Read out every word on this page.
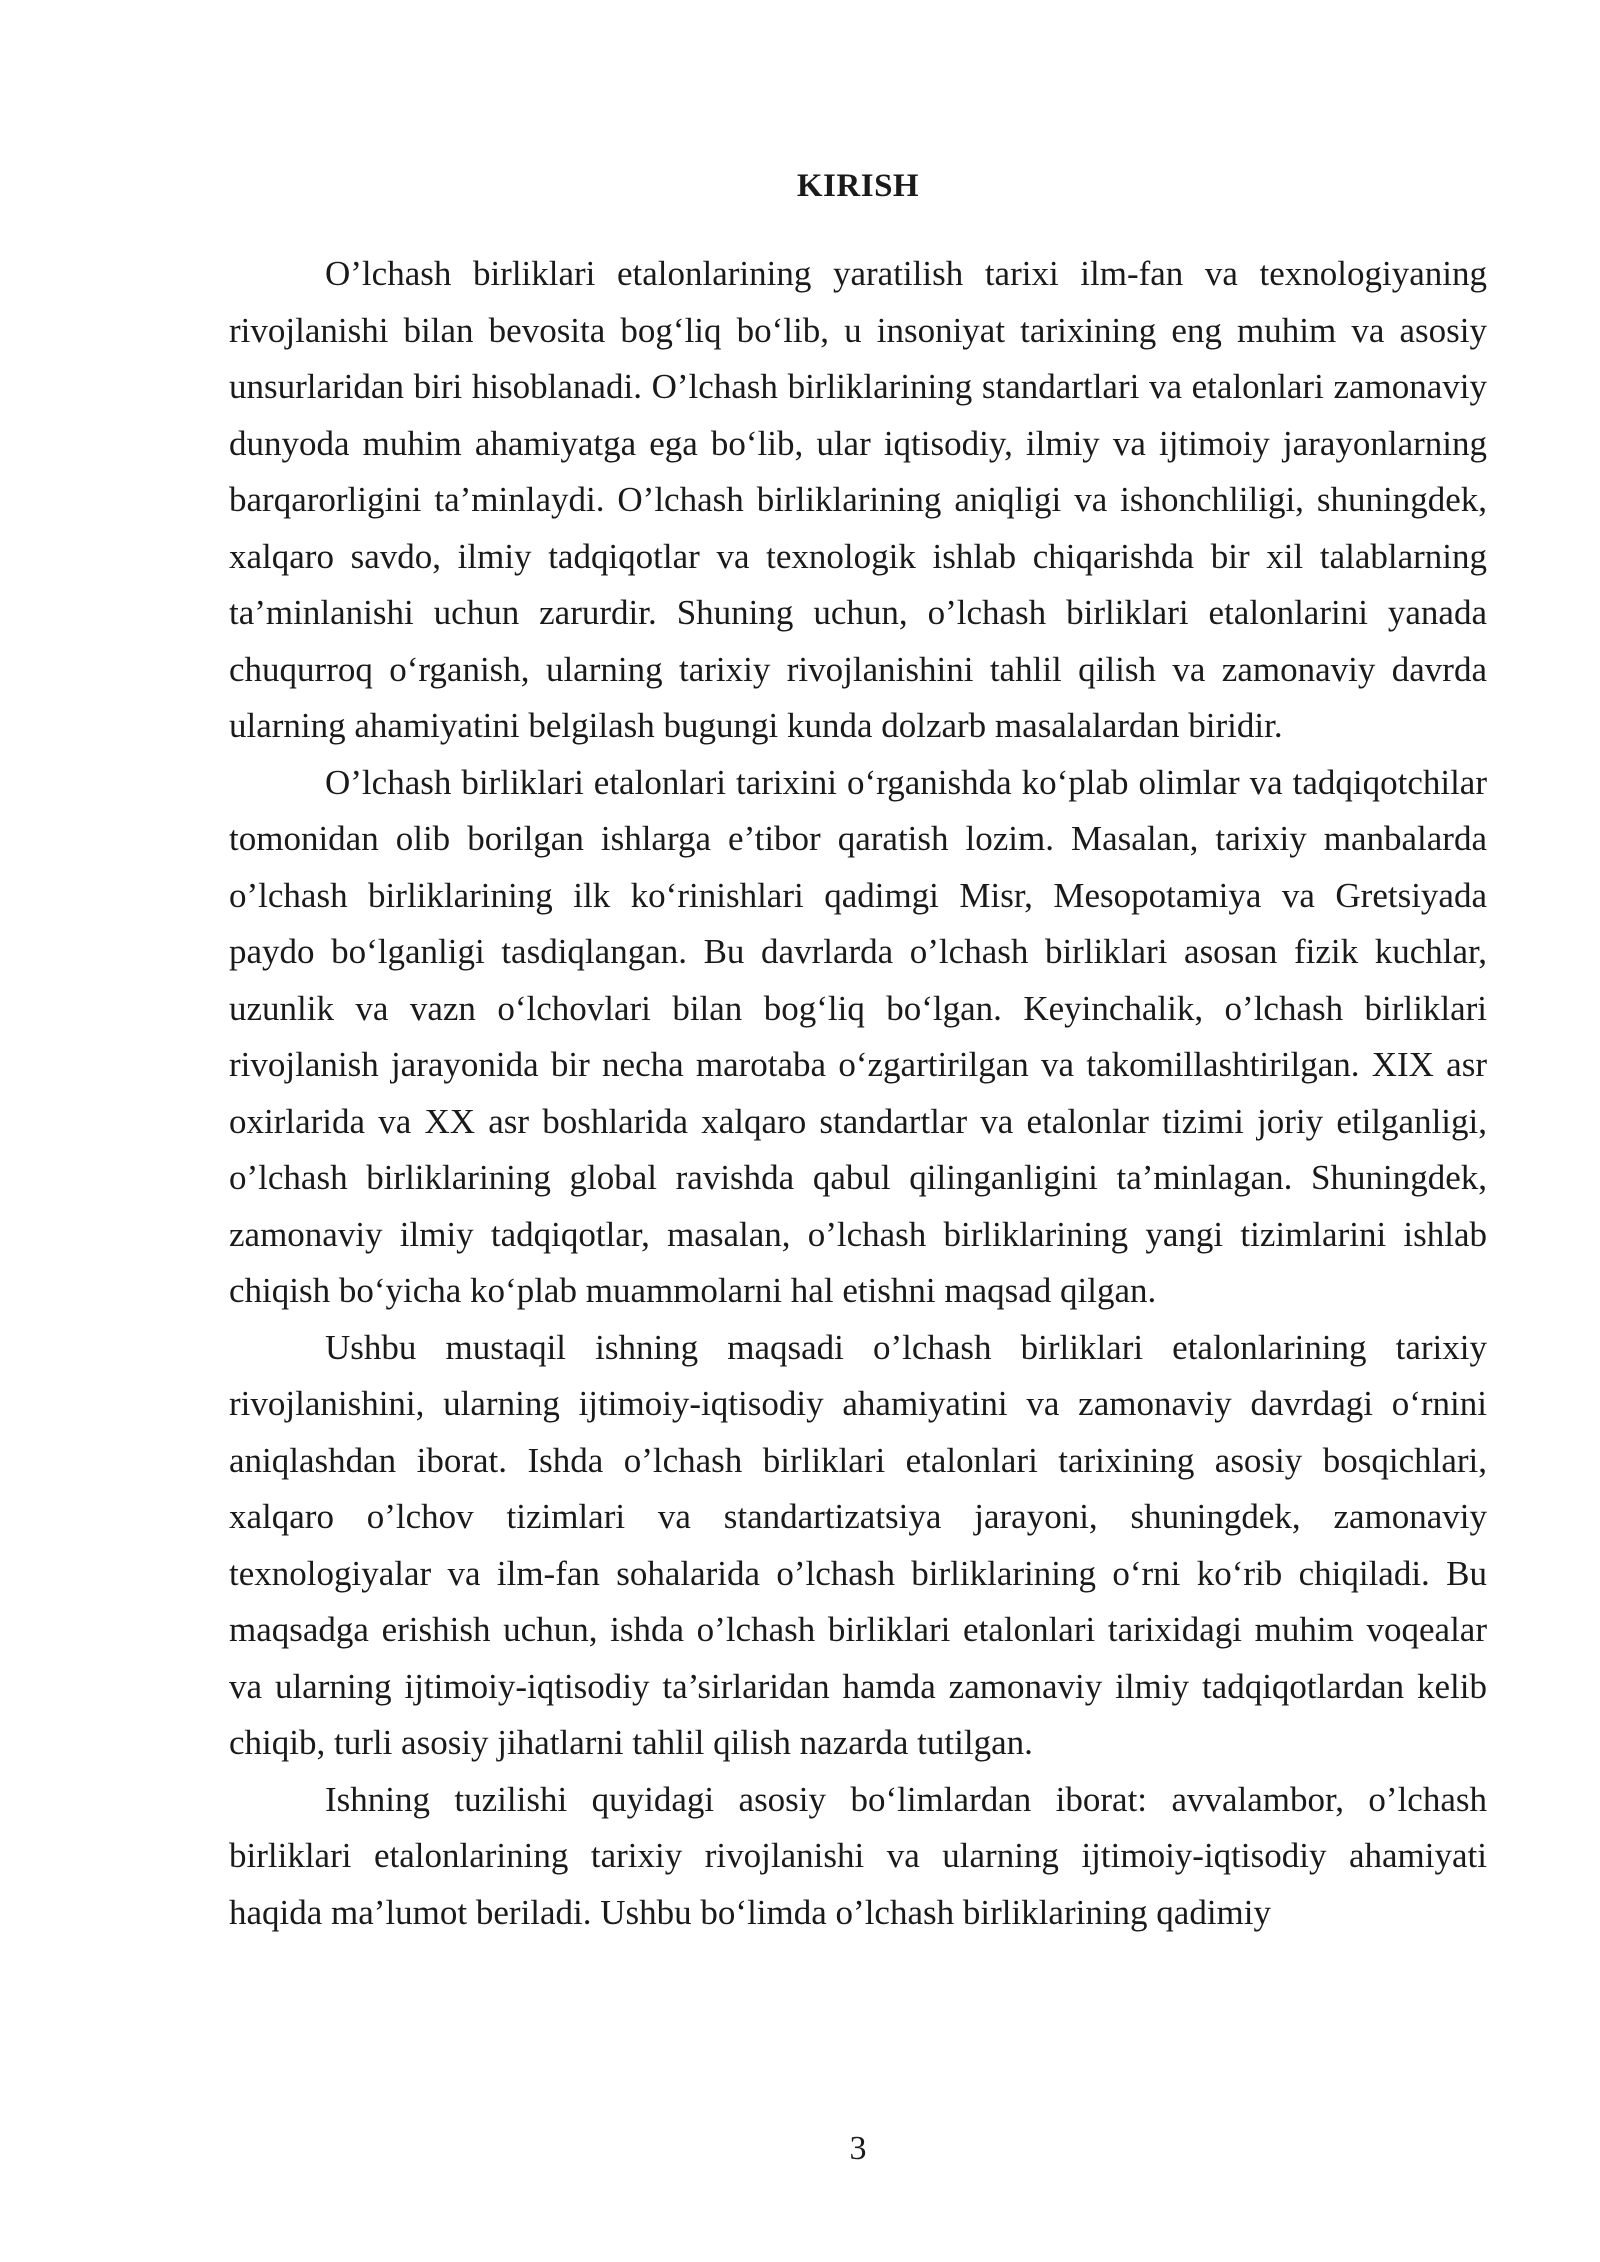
KIRISH

O’lchash birliklari etalonlarining yaratilish tarixi ilm-fan va texnologiyaning rivojlanishi bilan bevosita bog‘liq bo‘lib, u insoniyat tarixining eng muhim va asosiy unsurlaridan biri hisoblanadi. O’lchash birliklarining standartlari va etalonlari zamonaviy dunyoda muhim ahamiyatga ega bo‘lib, ular iqtisodiy, ilmiy va ijtimoiy jarayonlarning barqarorligini ta’minlaydi. O’lchash birliklarining aniqligi va ishonchliligi, shuningdek, xalqaro savdo, ilmiy tadqiqotlar va texnologik ishlab chiqarishda bir xil talablarning ta’minlanishi uchun zarurdir. Shuning uchun, o’lchash birliklari etalonlarini yanada chuqurroq o‘rganish, ularning tarixiy rivojlanishini tahlil qilish va zamonaviy davrda ularning ahamiyatini belgilash bugungi kunda dolzarb masalalardan biridir.

O’lchash birliklari etalonlari tarixini o‘rganishda ko‘plab olimlar va tadqiqotchilar tomonidan olib borilgan ishlarga e’tibor qaratish lozim. Masalan, tarixiy manbalarda o’lchash birliklarining ilk ko‘rinishlari qadimgi Misr, Mesopotamiya va Gretsiyada paydo bo‘lganligi tasdiqlangan. Bu davrlarda o’lchash birliklari asosan fizik kuchlar, uzunlik va vazn o‘lchovlari bilan bog‘liq bo‘lgan. Keyinchalik, o’lchash birliklari rivojlanish jarayonida bir necha marotaba o‘zgartirilgan va takomillashtirilgan. XIX asr oxirlarida va XX asr boshlarida xalqaro standartlar va etalonlar tizimi joriy etilganligi, o’lchash birliklarining global ravishda qabul qilinganligini ta’minlagan. Shuningdek, zamonaviy ilmiy tadqiqotlar, masalan, o’lchash birliklarining yangi tizimlarini ishlab chiqish bo‘yicha ko‘plab muammolarni hal etishni maqsad qilgan.

Ushbu mustaqil ishning maqsadi o’lchash birliklari etalonlarining tarixiy rivojlanishini, ularning ijtimoiy-iqtisodiy ahamiyatini va zamonaviy davrdagi o‘rnini aniqlashdan iborat. Ishda o’lchash birliklari etalonlari tarixining asosiy bosqichlari, xalqaro o’lchov tizimlari va standartizatsiya jarayoni, shuningdek, zamonaviy texnologiyalar va ilm-fan sohalarida o’lchash birliklarining o‘rni ko‘rib chiqiladi. Bu maqsadga erishish uchun, ishda o’lchash birliklari etalonlari tarixidagi muhim voqealar va ularning ijtimoiy-iqtisodiy ta’sirlaridan hamda zamonaviy ilmiy tadqiqotlardan kelib chiqib, turli asosiy jihatlarni tahlil qilish nazarda tutilgan.

Ishning tuzilishi quyidagi asosiy bo‘limlardan iborat: avvalambor, o’lchash birliklari etalonlarining tarixiy rivojlanishi va ularning ijtimoiy-iqtisodiy ahamiyati haqida ma’lumot beriladi. Ushbu bo‘limda o’lchash birliklarining qadimiy

3
